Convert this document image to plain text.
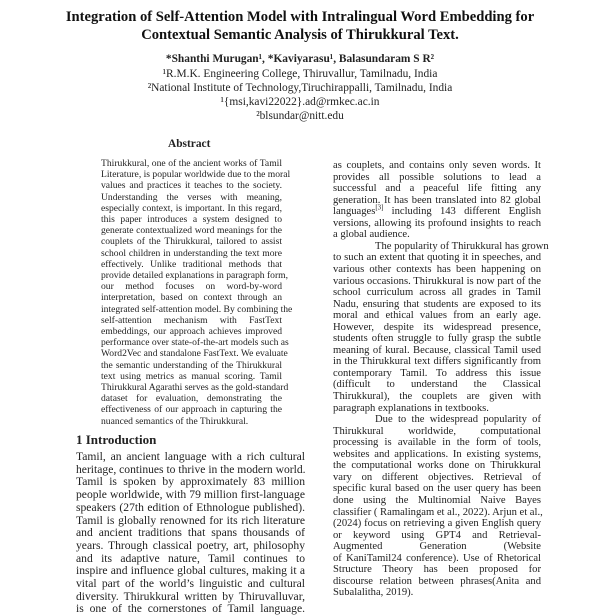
Integration of Self-Attention Model with Intralingual Word Embedding for
Contextual Semantic Analysis of Thirukkural Text.
*Shanthi Murugan¹, *Kaviyarasu¹, Balasundaram S R²
¹R.M.K. Engineering College, Thiruvallur, Tamilnadu, India
²National Institute of Technology,Tiruchirappalli, Tamilnadu, India
¹{msi,kavi22022}.ad@rmkec.ac.in
²blsundar@nitt.edu
Abstract
Thirukkural, one of the ancient works of Tamil
Literature, is popular worldwide due to the moral
values and practices it teaches to the society.
Understanding the verses with meaning,
especially context, is important. In this regard,
this paper introduces a system designed to
generate contextualized word meanings for the
couplets of the Thirukkural, tailored to assist
school children in understanding the text more
effectively. Unlike traditional methods that
provide detailed explanations in paragraph form,
our method focuses on word-by-word
interpretation, based on context through an
integrated self-attention model. By combining the
self-attention mechanism with FastText
embeddings, our approach achieves improved
performance over state-of-the-art models such as
Word2Vec and standalone FastText. We evaluate
the semantic understanding of the Thirukkural
text using metrics as manual scoring. Tamil
Thirukkural Agarathi serves as the gold-standard
dataset for evaluation, demonstrating the
effectiveness of our approach in capturing the
nuanced semantics of the Thirukkural.
1 Introduction
Tamil, an ancient language with a rich cultural
heritage, continues to thrive in the modern world.
Tamil is spoken by approximately 83 million
people worldwide, with 79 million first-language
speakers (27th edition of Ethnologue published).
Tamil is globally renowned for its rich literature
and ancient traditions that spans thousands of
years. Through classical poetry, art, philosophy
and its adaptive nature, Tamil continues to
inspire and influence global cultures, making it a
vital part of the world’s linguistic and cultural
diversity. Thirukkural written by Thiruvalluvar,
is one of the cornerstones of Tamil language.
as couplets, and contains only seven words. It
provides all possible solutions to lead a
successful and a peaceful life fitting any
generation. It has been translated into 82 global
languages[3] including 143 different English
versions, allowing its profound insights to reach
a global audience.
The popularity of Thirukkural has grown
to such an extent that quoting it in speeches, and
various other contexts has been happening on
various occasions. Thirukkural is now part of the
school curriculum across all grades in Tamil
Nadu, ensuring that students are exposed to its
moral and ethical values from an early age.
However, despite its widespread presence,
students often struggle to fully grasp the subtle
meaning of kural. Because, classical Tamil used
in the Thirukkural text differs significantly from
contemporary Tamil. To address this issue
(difficult to understand the Classical
Thirukkural), the couplets are given with
paragraph explanations in textbooks.
Due to the widespread popularity of
Thirukkural worldwide, computational
processing is available in the form of tools,
websites and applications. In existing systems,
the computational works done on Thirukkural
vary on different objectives. Retrieval of
specific kural based on the user query has been
done using the Multinomial Naive Bayes
classifier ( Ramalingam et al., 2022). Arjun et al.,
(2024) focus on retrieving a given English query
or keyword using GPT4 and Retrieval-
Augmented Generation (Website
of KaniTamil24 conference). Use of Rhetorical
Structure Theory has been proposed for
discourse relation between phrases(Anita and
Subalalitha, 2019).
